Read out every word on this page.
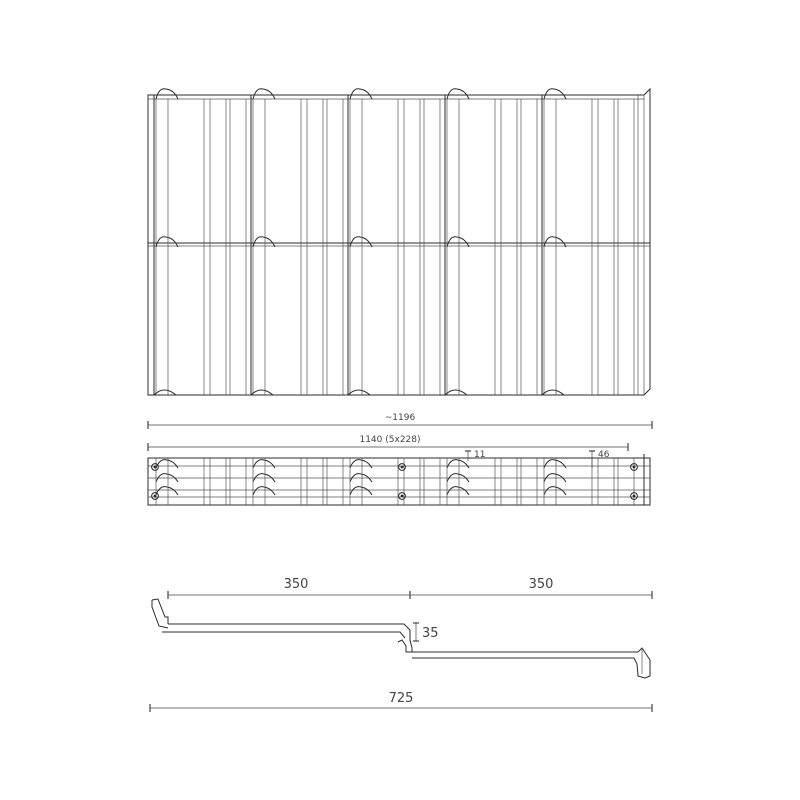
~1196
1140 (5x228)
11	46
350	350
35
725
